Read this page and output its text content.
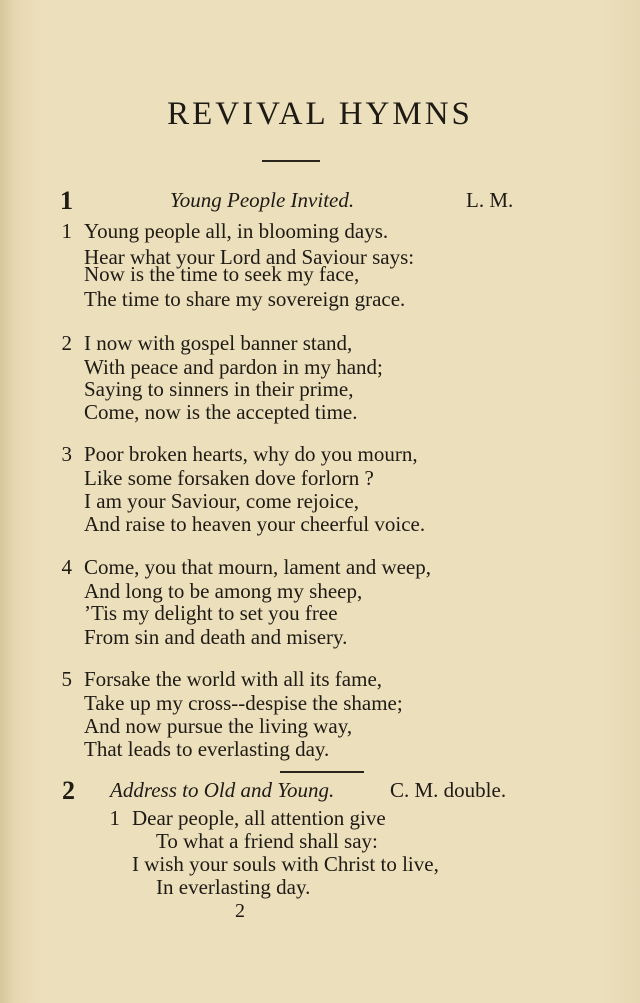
REVIVAL HYMNS
1	Young People Invited.	L. M.
1 Young people all, in blooming days.
Hear what your Lord and Saviour says:
Now is the time to seek my face,
The time to share my sovereign grace.
2 I now with gospel banner stand,
With peace and pardon in my hand;
Saying to sinners in their prime,
Come, now is the accepted time.
3 Poor broken hearts, why do you mourn,
Like some forsaken dove forlorn ?
I am your Saviour, come rejoice,
And raise to heaven your cheerful voice.
4 Come, you that mourn, lament and weep,
And long to be among my sheep,
’Tis my delight to set you free
From sin and death and misery.
5 Forsake the world with all its fame,
Take up my cross--despise the shame;
And now pursue the living way,
That leads to everlasting day.
2 Address to Old and Young.	C. M. double.
1 Dear people, all attention give
To what a friend shall say:
I wish your souls with Christ to live,
In everlasting day.
2
